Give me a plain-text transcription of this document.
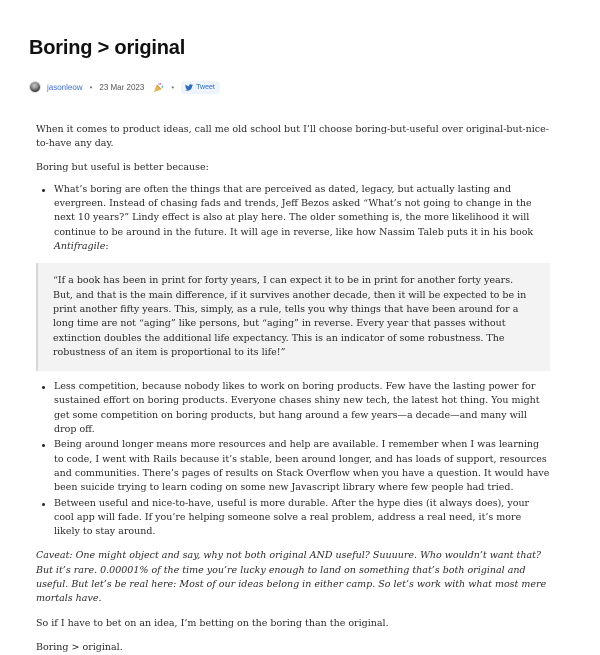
Boring > original
jasonleow • 23 Mar 2023	•	Tweet

When it comes to product ideas, call me old school but I’ll choose boring-but-useful over original-but-nice-to-have any day.

Boring but useful is better because:

What’s boring are often the things that are perceived as dated, legacy, but actually lasting and evergreen. Instead of chasing fads and trends, Jeff Bezos asked “What’s not going to change in the next 10 years?” Lindy effect is also at play here. The older something is, the more likelihood it will continue to be around in the future. It will age in reverse, like how Nassim Taleb puts it in his book Antifragile:
“If a book has been in print for forty years, I can expect it to be in print for another forty years. But, and that is the main difference, if it survives another decade, then it will be expected to be in print another fifty years. This, simply, as a rule, tells you why things that have been around for a long time are not “aging” like persons, but “aging” in reverse. Every year that passes without extinction doubles the additional life expectancy. This is an indicator of some robustness. The robustness of an item is proportional to its life!”
Less competition, because nobody likes to work on boring products. Few have the lasting power for sustained effort on boring products. Everyone chases shiny new tech, the latest hot thing. You might get some competition on boring products, but hang around a few years—a decade—and many will drop off.
Being around longer means more resources and help are available. I remember when I was learning to code, I went with Rails because it’s stable, been around longer, and has loads of support, resources and communities. There’s pages of results on Stack Overflow when you have a question. It would have been suicide trying to learn coding on some new Javascript library where few people had tried.
Between useful and nice-to-have, useful is more durable. After the hype dies (it always does), your cool app will fade. If you’re helping someone solve a real problem, address a real need, it’s more likely to stay around.

Caveat: One might object and say, why not both original AND useful? Suuuure. Who wouldn’t want that? But it’s rare. 0.00001% of the time you’re lucky enough to land on something that’s both original and useful. But let’s be real here: Most of our ideas belong in either camp. So let’s work with what most mere mortals have.

So if I have to bet on an idea, I’m betting on the boring than the original.

Boring > original.
